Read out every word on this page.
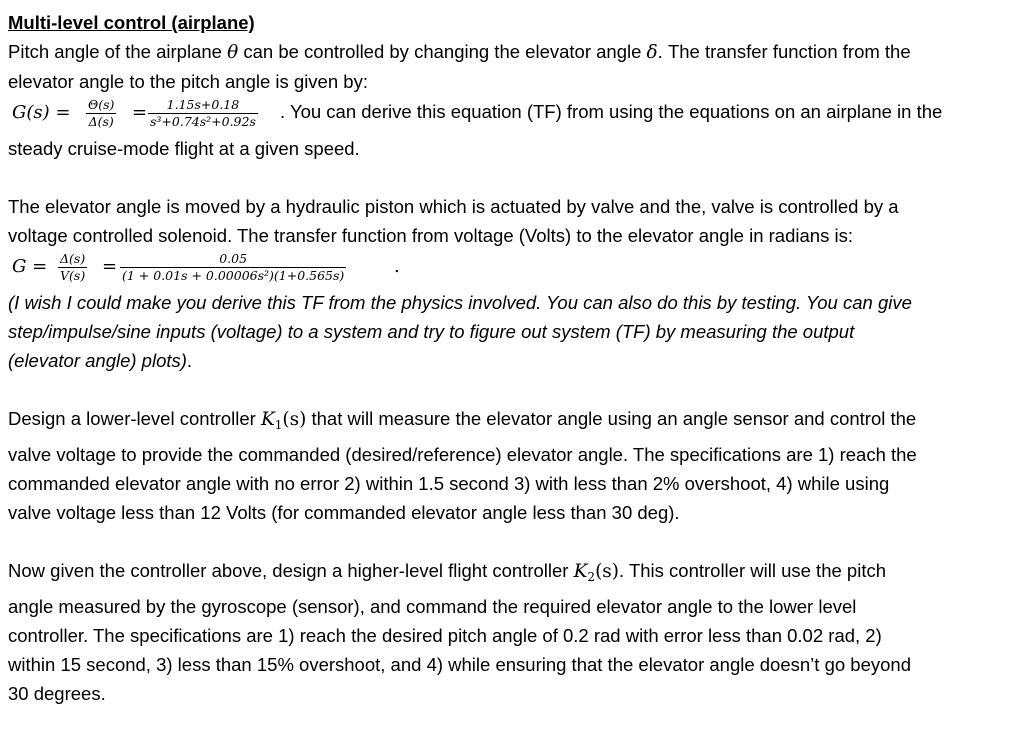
Multi-level control (airplane)
Pitch angle of the airplane θ can be controlled by changing the elevator angle δ. The transfer function from the
elevator angle to the pitch angle is given by:
G(s) = Θ(s)
Δ(s) = 1.15s+0.18
s³+0.74s²+0.92s . You can derive this equation (TF) from using the equations on an airplane in the
steady cruise-mode flight at a given speed.
The elevator angle is moved by a hydraulic piston which is actuated by valve and the, valve is controlled by a
voltage controlled solenoid. The transfer function from voltage (Volts) to the elevator angle in radians is:
G = Δ(s)
V(s) =	0.05
(1 + 0.01s + 0.00006s²)(1+0.565s)	.
(I wish I could make you derive this TF from the physics involved. You can also do this by testing. You can give
step/impulse/sine inputs (voltage) to a system and try to figure out system (TF) by measuring the output
(elevator angle) plots).
Design a lower-level controller $K_1(s)$ that will measure the elevator angle using an angle sensor and control the
valve voltage to provide the commanded (desired/reference) elevator angle. The specifications are 1) reach the
commanded elevator angle with no error 2) within 1.5 second 3) with less than 2% overshoot, 4) while using
valve voltage less than 12 Volts (for commanded elevator angle less than 30 deg).
Now given the controller above, design a higher-level flight controller $K_2(s)$. This controller will use the pitch
angle measured by the gyroscope (sensor), and command the required elevator angle to the lower level
controller. The specifications are 1) reach the desired pitch angle of 0.2 rad with error less than 0.02 rad, 2)
within 15 second, 3) less than 15% overshoot, and 4) while ensuring that the elevator angle doesn’t go beyond
30 degrees.
